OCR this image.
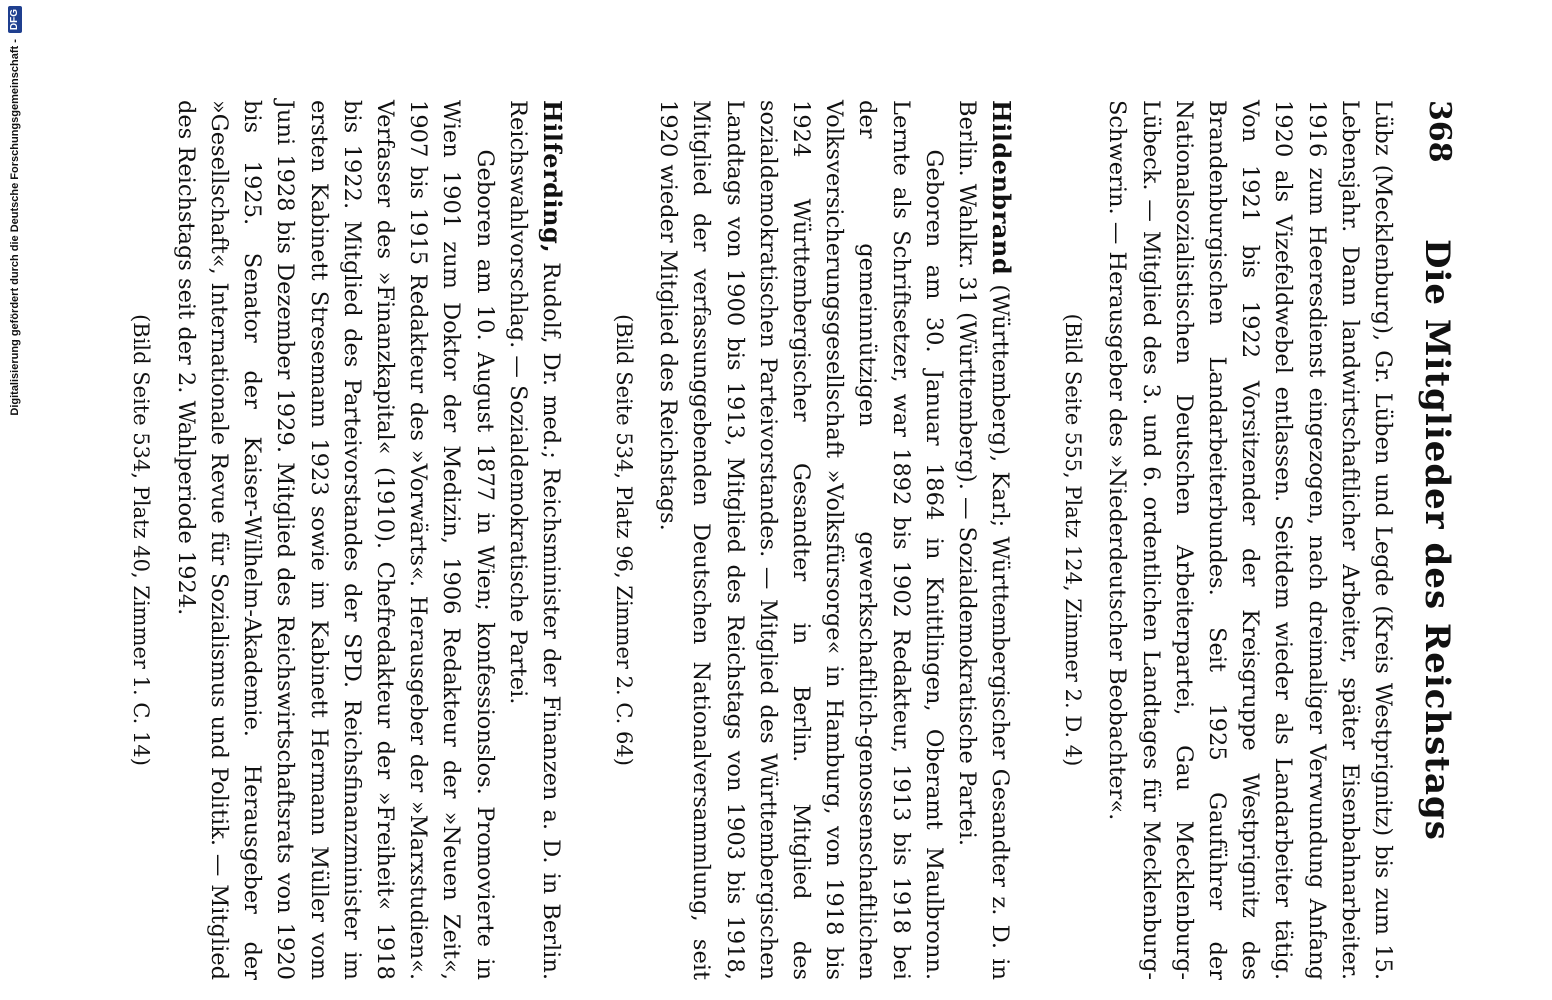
Digitalisierung gefördert durch die Deutsche Forschungsgemeinschaft -
DFG
368
Die Mitglieder des Reichstags

Lübz (Mecklenburg), Gr. Lüben und Legde (Kreis Westprignitz) bis zum 15. Lebensjahr. Dann landwirtschaftlicher Arbeiter, später Eisenbahnarbeiter. 1916 zum Heeresdienst eingezogen, nach dreimaliger Verwundung Anfang 1920 als Vizefeldwebel entlassen. Seitdem wieder als Landarbeiter tätig. Von 1921 bis 1922 Vorsitzender der Kreisgruppe Westprignitz des Brandenburgischen Landarbeiterbundes. Seit 1925 Gauführer der Nationalsozialistischen Deutschen Arbeiterpartei, Gau Mecklenburg-Lübeck. — Mitglied des 3. und 6. ordentlichen Landtages für Mecklenburg-Schwerin. — Herausgeber des »Niederdeutscher Beobachter«.

(Bild Seite 555, Platz 124, Zimmer 2. D. 4)

Hildenbrand (Württemberg), Karl; Württembergischer Gesandter z. D. in Berlin. Wahlkr. 31 (Württemberg). — Sozialdemokratische Partei.

Geboren am 30. Januar 1864 in Knittlingen, Oberamt Maulbronn. Lernte als Schriftsetzer, war 1892 bis 1902 Redakteur, 1913 bis 1918 bei der gemeinnützigen gewerkschaftlich-genossenschaftlichen Volksversicherungsgesellschaft »Volksfürsorge« in Hamburg, von 1918 bis 1924 Württembergischer Gesandter in Berlin. Mitglied des sozialdemokratischen Parteivorstandes. — Mitglied des Württembergischen Landtags von 1900 bis 1913, Mitglied des Reichstags von 1903 bis 1918, Mitglied der verfassunggebenden Deutschen Nationalversammlung, seit 1920 wieder Mitglied des Reichstags.

(Bild Seite 534, Platz 96, Zimmer 2. C. 64)

Hilferding, Rudolf, Dr. med.; Reichsminister der Finanzen a. D. in Berlin. Reichswahlvorschlag. — Sozialdemokratische Partei.

Geboren am 10. August 1877 in Wien; konfessionslos. Promovierte in Wien 1901 zum Doktor der Medizin, 1906 Redakteur der »Neuen Zeit«, 1907 bis 1915 Redakteur des »Vorwärts«. Herausgeber der »Marxstudien«. Verfasser des »Finanzkapital« (1910). Chefredakteur der »Freiheit« 1918 bis 1922. Mitglied des Parteivorstandes der SPD. Reichsfinanzminister im ersten Kabinett Stresemann 1923 sowie im Kabinett Hermann Müller vom Juni 1928 bis Dezember 1929. Mitglied des Reichswirtschaftsrats von 1920 bis 1925. Senator der Kaiser-Wilhelm-Akademie. Herausgeber der »Gesellschaft«, Internationale Revue für Sozialismus und Politik. — Mitglied des Reichstags seit der 2. Wahlperiode 1924.

(Bild Seite 534, Platz 40, Zimmer 1. C. 14)
